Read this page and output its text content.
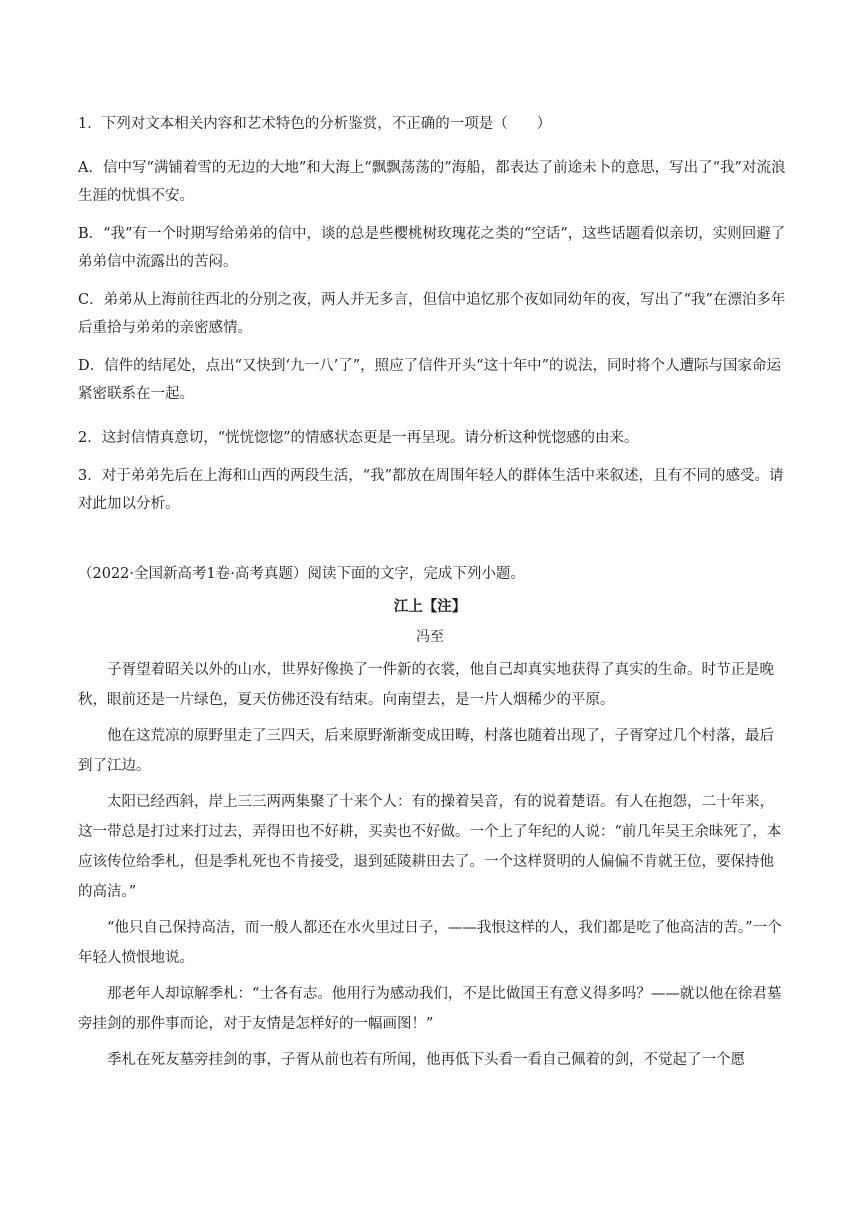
1．下列对文本相关内容和艺术特色的分析鉴赏，不正确的一项是（　　）

A．信中写“满铺着雪的无边的大地”和大海上“飘飘荡荡的”海船，都表达了前途未卜的意思，写出了“我”对流浪生涯的忧惧不安。

B．“我”有一个时期写给弟弟的信中，谈的总是些樱桃树玫瑰花之类的“空话”，这些话题看似亲切，实则回避了弟弟信中流露出的苦闷。

C．弟弟从上海前往西北的分别之夜，两人并无多言，但信中追忆那个夜如同幼年的夜，写出了“我”在漂泊多年后重拾与弟弟的亲密感情。

D．信件的结尾处，点出“又快到‘九一八’了”，照应了信件开头“这十年中”的说法，同时将个人遭际与国家命运紧密联系在一起。

2．这封信情真意切，“恍恍惚惚”的情感状态更是一再呈现。请分析这种恍惚感的由来。

3．对于弟弟先后在上海和山西的两段生活，“我”都放在周围年轻人的群体生活中来叙述，且有不同的感受。请对此加以分析。

（2022·全国新高考1卷·高考真题）阅读下面的文字，完成下列小题。
江上【注】
冯至

子胥望着昭关以外的山水，世界好像换了一件新的衣裳，他自己却真实地获得了真实的生命。时节正是晚秋，眼前还是一片绿色，夏天仿佛还没有结束。向南望去，是一片人烟稀少的平原。

他在这荒凉的原野里走了三四天，后来原野渐渐变成田畴，村落也随着出现了，子胥穿过几个村落，最后到了江边。

太阳已经西斜，岸上三三两两集聚了十来个人：有的操着吴音，有的说着楚语。有人在抱怨，二十年来，这一带总是打过来打过去，弄得田也不好耕，买卖也不好做。一个上了年纪的人说：“前几年吴王余昧死了，本应该传位给季札，但是季札死也不肯接受，退到延陵耕田去了。一个这样贤明的人偏偏不肯就王位，要保持他的高洁。”

“他只自己保持高洁，而一般人都还在水火里过日子，——我恨这样的人，我们都是吃了他高洁的苦。”一个年轻人愤恨地说。

那老年人却谅解季札：“士各有志。他用行为感动我们，不是比做国王有意义得多吗？——就以他在徐君墓旁挂剑的那件事而论，对于友情是怎样好的一幅画图！”

季札在死友墓旁挂剑的事，子胥从前也若有所闻，他再低下头看一看自己佩着的剑，不觉起了一个愿
